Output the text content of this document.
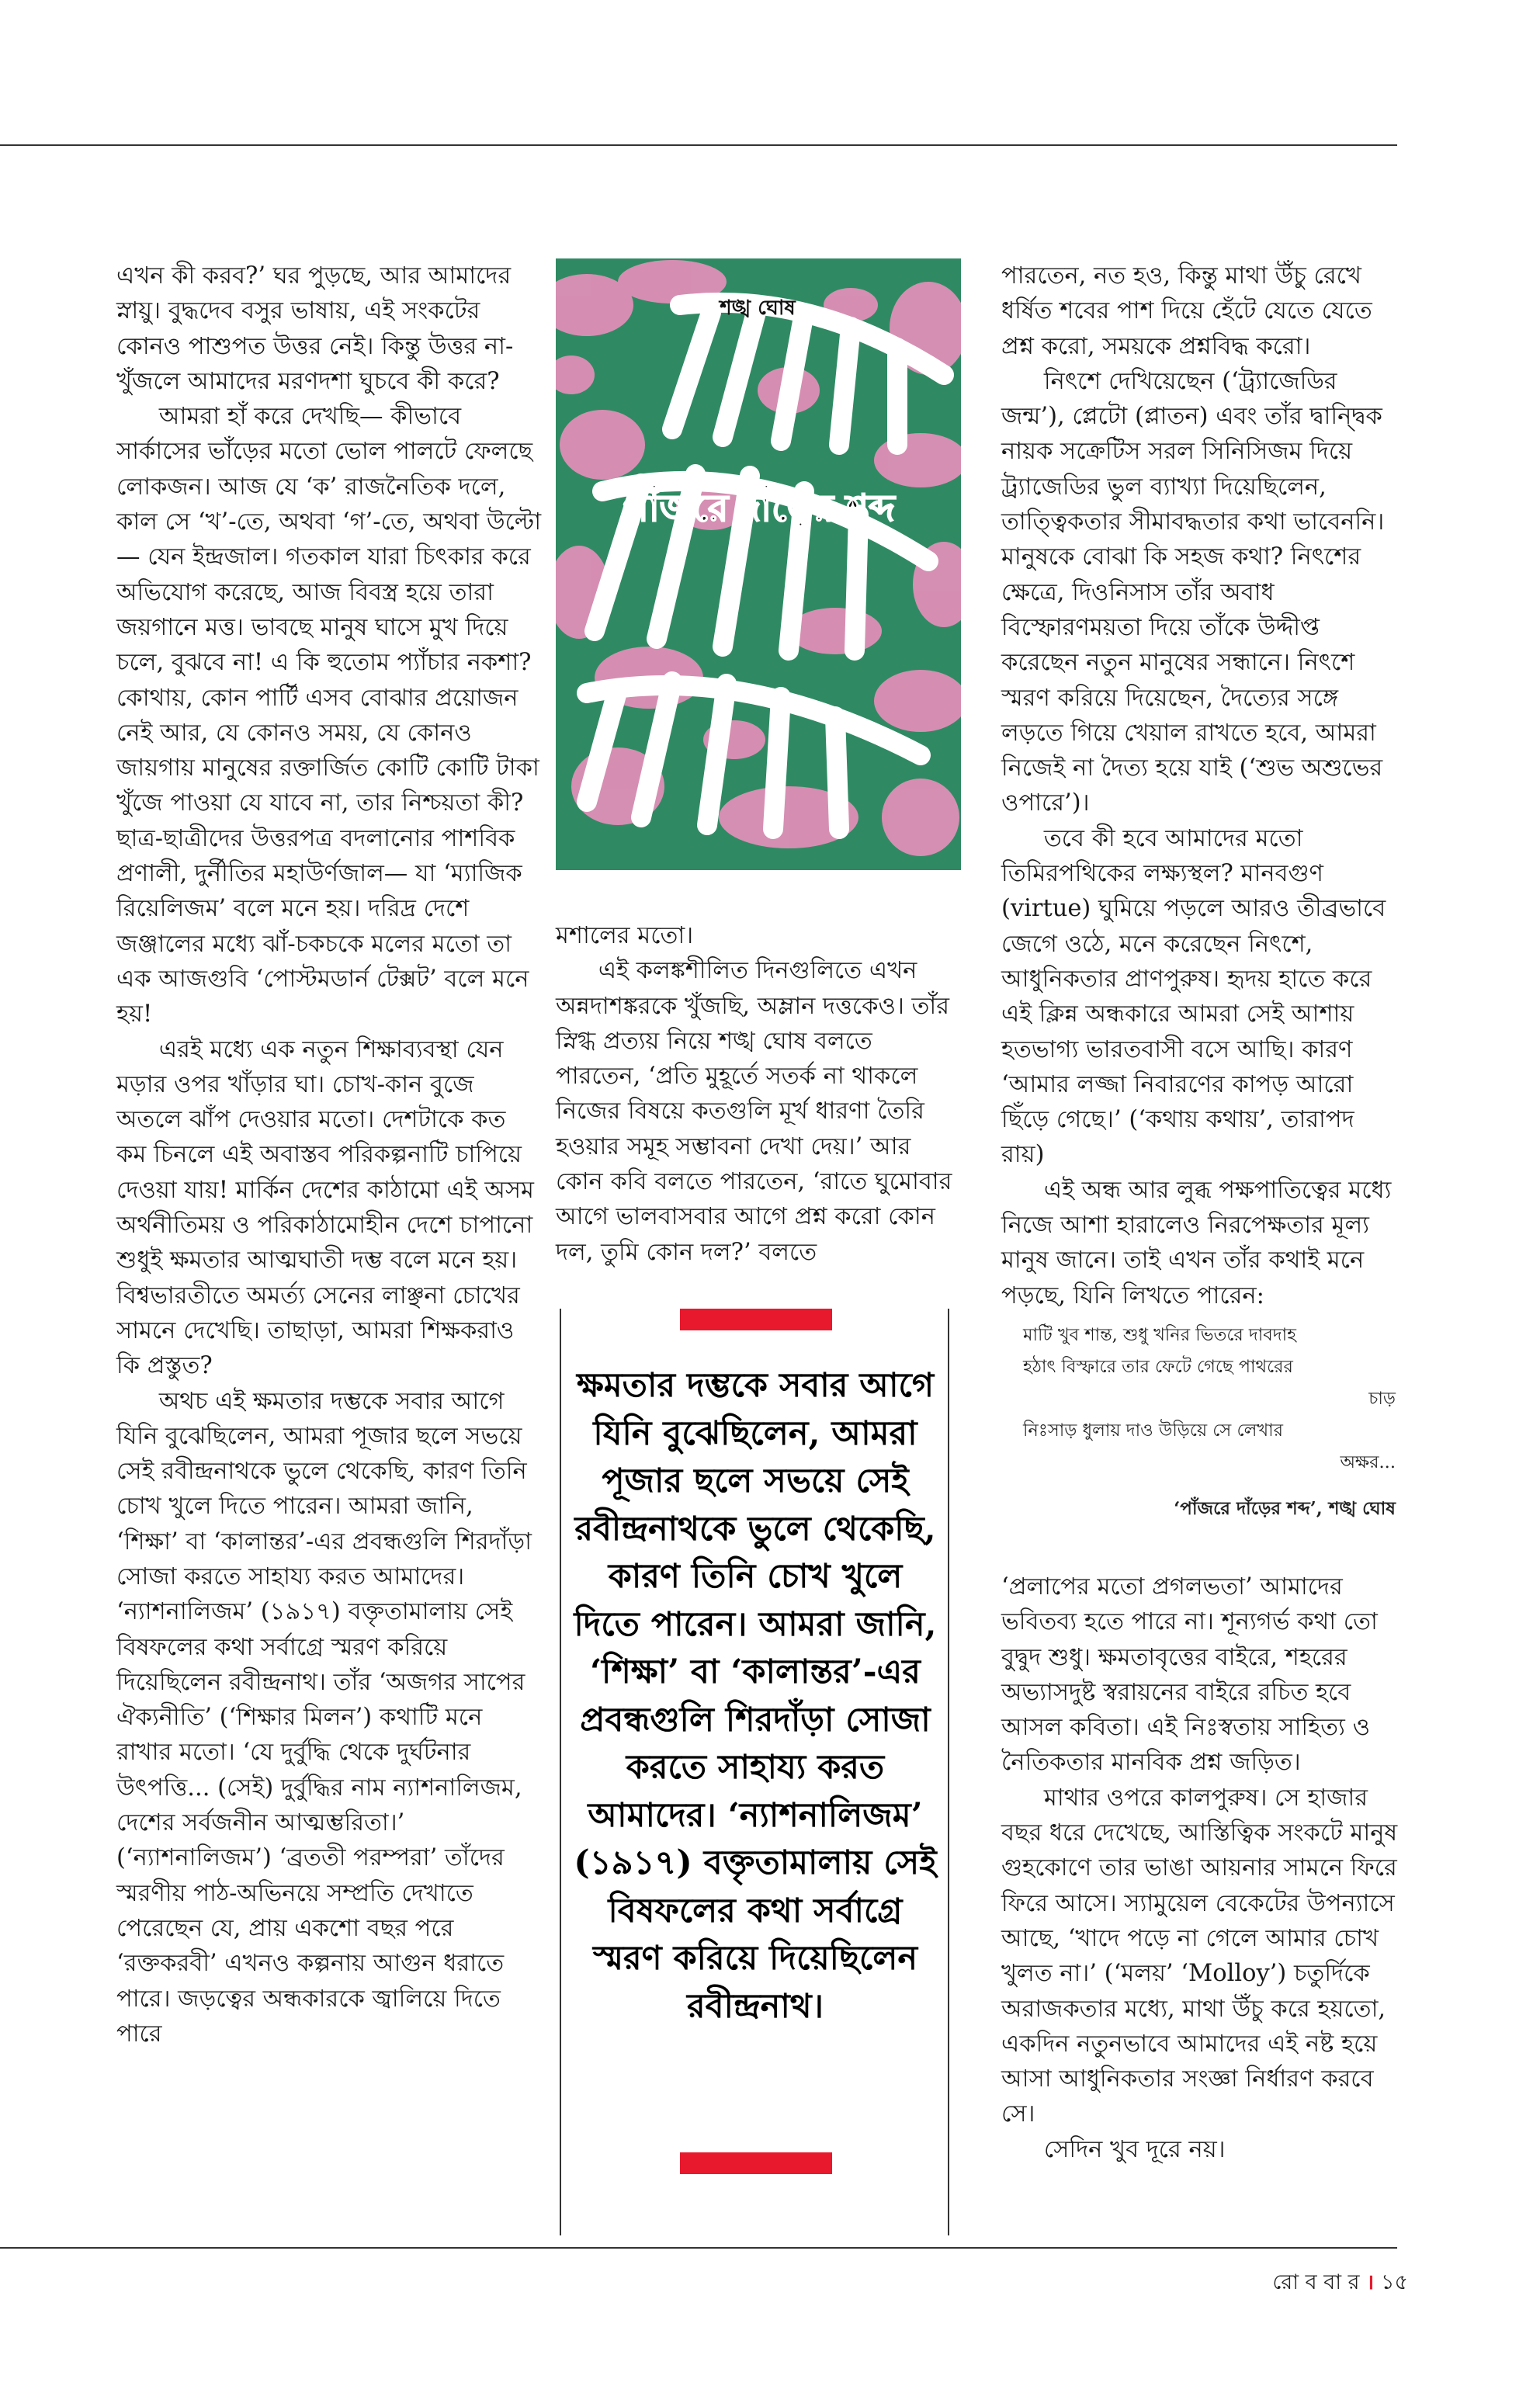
এখন কী করব?’ ঘর পুড়ছে, আর আমাদের স্নায়ু। বুদ্ধদেব বসুর ভাষায়, এই সংকটের কোনও পাশুপত উত্তর নেই। কিন্তু উত্তর না-খুঁজলে আমাদের মরণদশা ঘুচবে কী করে?

আমরা হাঁ করে দেখছি— কীভাবে সার্কাসের ভাঁড়ের মতো ভোল পালটে ফেলছে লোকজন। আজ যে ‘ক’ রাজনৈতিক দলে, কাল সে ‘খ’-তে, অথবা ‘গ’-তে, অথবা উল্টো— যেন ইন্দ্রজাল। গতকাল যারা চিৎকার করে অভিযোগ করেছে, আজ বিবস্ত্র হয়ে তারা জয়গানে মত্ত। ভাবছে মানুষ ঘাসে মুখ দিয়ে চলে, বুঝবে না! এ কি হুতোম প্যাঁচার নকশা? কোথায়, কোন পার্টি এসব বোঝার প্রয়োজন নেই আর, যে কোনও সময়, যে কোনও জায়গায় মানুষের রক্তার্জিত কোটি কোটি টাকা খুঁজে পাওয়া যে যাবে না, তার নিশ্চয়তা কী? ছাত্র-ছাত্রীদের উত্তরপত্র বদলানোর পাশবিক প্রণালী, দুর্নীতির মহাউর্ণজাল— যা ‘ম্যাজিক রিয়েলিজম’ বলে মনে হয়। দরিদ্র দেশে জঞ্জালের মধ্যে ঝাঁ-চকচকে মলের মতো তা এক আজগুবি ‘পোস্টমডার্ন টেক্সট’ বলে মনে হয়!

এরই মধ্যে এক নতুন শিক্ষাব্যবস্থা যেন মড়ার ওপর খাঁড়ার ঘা। চোখ-কান বুজে অতলে ঝাঁপ দেওয়ার মতো। দেশটাকে কত কম চিনলে এই অবাস্তব পরিকল্পনাটি চাপিয়ে দেওয়া যায়! মার্কিন দেশের কাঠামো এই অসম অর্থনীতিময় ও পরিকাঠামোহীন দেশে চাপানো শুধুই ক্ষমতার আত্মঘাতী দম্ভ বলে মনে হয়। বিশ্বভারতীতে অমর্ত্য সেনের লাঞ্ছনা চোখের সামনে দেখেছি। তাছাড়া, আমরা শিক্ষকরাও কি প্রস্তুত?

অথচ এই ক্ষমতার দম্ভকে সবার আগে যিনি বুঝেছিলেন, আমরা পূজার ছলে সভয়ে সেই রবীন্দ্রনাথকে ভুলে থেকেছি, কারণ তিনি চোখ খুলে দিতে পারেন। আমরা জানি, ‘শিক্ষা’ বা ‘কালান্তর’-এর প্রবন্ধগুলি শিরদাঁড়া সোজা করতে সাহায্য করত আমাদের। ‘ন্যাশনালিজম’ (১৯১৭) বক্তৃতামালায় সেই বিষফলের কথা সর্বাগ্রে স্মরণ করিয়ে দিয়েছিলেন রবীন্দ্রনাথ। তাঁর ‘অজগর সাপের ঐক্যনীতি’ (‘শিক্ষার মিলন’) কথাটি মনে রাখার মতো। ‘যে দুর্বুদ্ধি থেকে দুর্ঘটনার উৎপত্তি... (সেই) দুর্বুদ্ধির নাম ন্যাশনালিজম, দেশের সর্বজনীন আত্মম্ভরিতা।’ (‘ন্যাশনালিজম’) ‘ব্রততী পরম্পরা’ তাঁদের স্মরণীয় পাঠ-অভিনয়ে সম্প্রতি দেখাতে পেরেছেন যে, প্রায় একশো বছর পরে ‘রক্তকরবী’ এখনও কল্পনায় আগুন ধরাতে পারে। জড়ত্বের অন্ধকারকে জ্বালিয়ে দিতে পারে

শঙ্খ ঘোষ
পাঁজরে দাঁড়ের শব্দ

মশালের মতো।

এই কলঙ্কশীলিত দিনগুলিতে এখন অন্নদাশঙ্করকে খুঁজছি, অম্লান দত্তকেও। তাঁর স্নিগ্ধ প্রত্যয় নিয়ে শঙ্খ ঘোষ বলতে পারতেন, ‘প্রতি মুহূর্তে সতর্ক না থাকলে নিজের বিষয়ে কতগুলি মূর্খ ধারণা তৈরি হওয়ার সমূহ সম্ভাবনা দেখা দেয়।’ আর কোন কবি বলতে পারতেন, ‘রাতে ঘুমোবার আগে ভালবাসবার আগে প্রশ্ন করো কোন দল, তুমি কোন দল?’ বলতে

ক্ষমতার দম্ভকে সবার আগে যিনি বুঝেছিলেন, আমরা পূজার ছলে সভয়ে সেই রবীন্দ্রনাথকে ভুলে থেকেছি, কারণ তিনি চোখ খুলে দিতে পারেন। আমরা জানি, ‘শিক্ষা’ বা ‘কালান্তর’-এর প্রবন্ধগুলি শিরদাঁড়া সোজা করতে সাহায্য করত আমাদের। ‘ন্যাশনালিজম’ (১৯১৭) বক্তৃতামালায় সেই বিষফলের কথা সর্বাগ্রে স্মরণ করিয়ে দিয়েছিলেন রবীন্দ্রনাথ।

পারতেন, নত হও, কিন্তু মাথা উঁচু রেখে ধর্ষিত শবের পাশ দিয়ে হেঁটে যেতে যেতে প্রশ্ন করো, সময়কে প্রশ্নবিদ্ধ করো।

নিৎশে দেখিয়েছেন (‘ট্র্যাজেডির জন্ম’), প্লেটো (প্লাতন) এবং তাঁর দ্বান্দ্বিক নায়ক সক্রেটিস সরল সিনিসিজম দিয়ে ট্র্যাজেডির ভুল ব্যাখ্যা দিয়েছিলেন, তাত্ত্বিকতার সীমাবদ্ধতার কথা ভাবেননি। মানুষকে বোঝা কি সহজ কথা? নিৎশের ক্ষেত্রে, দিওনিসাস তাঁর অবাধ বিস্ফোরণময়তা দিয়ে তাঁকে উদ্দীপ্ত করেছেন নতুন মানুষের সন্ধানে। নিৎশে স্মরণ করিয়ে দিয়েছেন, দৈত্যের সঙ্গে লড়তে গিয়ে খেয়াল রাখতে হবে, আমরা নিজেই না দৈত্য হয়ে যাই (‘শুভ অশুভের ওপারে’)।

তবে কী হবে আমাদের মতো তিমিরপথিকের লক্ষ্যস্থল? মানবগুণ (virtue) ঘুমিয়ে পড়লে আরও তীব্রভাবে জেগে ওঠে, মনে করেছেন নিৎশে, আধুনিকতার প্রাণপুরুষ। হৃদয় হাতে করে এই ক্লিন্ন অন্ধকারে আমরা সেই আশায় হতভাগ্য ভারতবাসী বসে আছি। কারণ ‘আমার লজ্জা নিবারণের কাপড় আরো ছিঁড়ে গেছে।’ (‘কথায় কথায়’, তারাপদ রায়)

এই অন্ধ আর লুব্ধ পক্ষপাতিত্বের মধ্যে নিজে আশা হারালেও নিরপেক্ষতার মূল্য মানুষ জানে। তাই এখন তাঁর কথাই মনে পড়ছে, যিনি লিখতে পারেন:

মাটি খুব শান্ত, শুধু খনির ভিতরে দাবদাহ

হঠাৎ বিস্ফারে তার ফেটে গেছে পাথরের

চাড়

নিঃসাড় ধুলায় দাও উড়িয়ে সে লেখার

অক্ষর...

‘পাঁজরে দাঁড়ের শব্দ’, শঙ্খ ঘোষ

‘প্রলাপের মতো প্রগলভতা’ আমাদের ভবিতব্য হতে পারে না। শূন্যগর্ভ কথা তো বুদ্বুদ শুধু। ক্ষমতাবৃত্তের বাইরে, শহরের অভ্যাসদুষ্ট স্বরায়নের বাইরে রচিত হবে আসল কবিতা। এই নিঃস্বতায় সাহিত্য ও নৈতিকতার মানবিক প্রশ্ন জড়িত।

মাথার ওপরে কালপুরুষ। সে হাজার বছর ধরে দেখেছে, আস্তিত্বিক সংকটে মানুষ গুহকোণে তার ভাঙা আয়নার সামনে ফিরে ফিরে আসে। স্যামুয়েল বেকেটের উপন্যাসে আছে, ‘খাদে পড়ে না গেলে আমার চোখ খুলত না।’ (‘মলয়’ ‘Molloy’) চতুর্দিকে অরাজকতার মধ্যে, মাথা উঁচু করে হয়তো, একদিন নতুনভাবে আমাদের এই নষ্ট হয়ে আসা আধুনিকতার সংজ্ঞা নির্ধারণ করবে সে।

সেদিন খুব দূরে নয়।

রো ব বা র । ১৫
